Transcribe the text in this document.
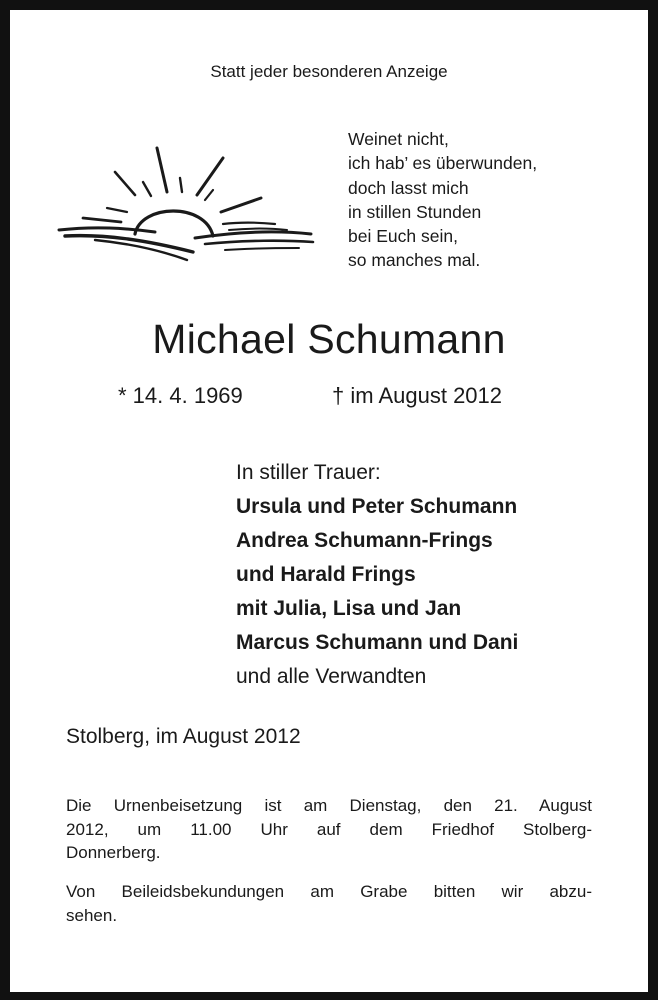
Statt jeder besonderen Anzeige
Weinet nicht,
ich hab’ es überwunden,
doch lasst mich
in stillen Stunden
bei Euch sein,
so manches mal.
Michael Schumann
* 14. 4. 1969	† im August 2012
In stiller Trauer:
Ursula und Peter Schumann
Andrea Schumann-Frings
und Harald Frings
mit Julia, Lisa und Jan
Marcus Schumann und Dani
und alle Verwandten
Stolberg, im August 2012
Die Urnenbeisetzung ist am Dienstag, den 21. August
2012, um 11.00 Uhr auf dem Friedhof Stolberg-
Donnerberg.
Von Beileidsbekundungen am Grabe bitten wir abzu-
sehen.
